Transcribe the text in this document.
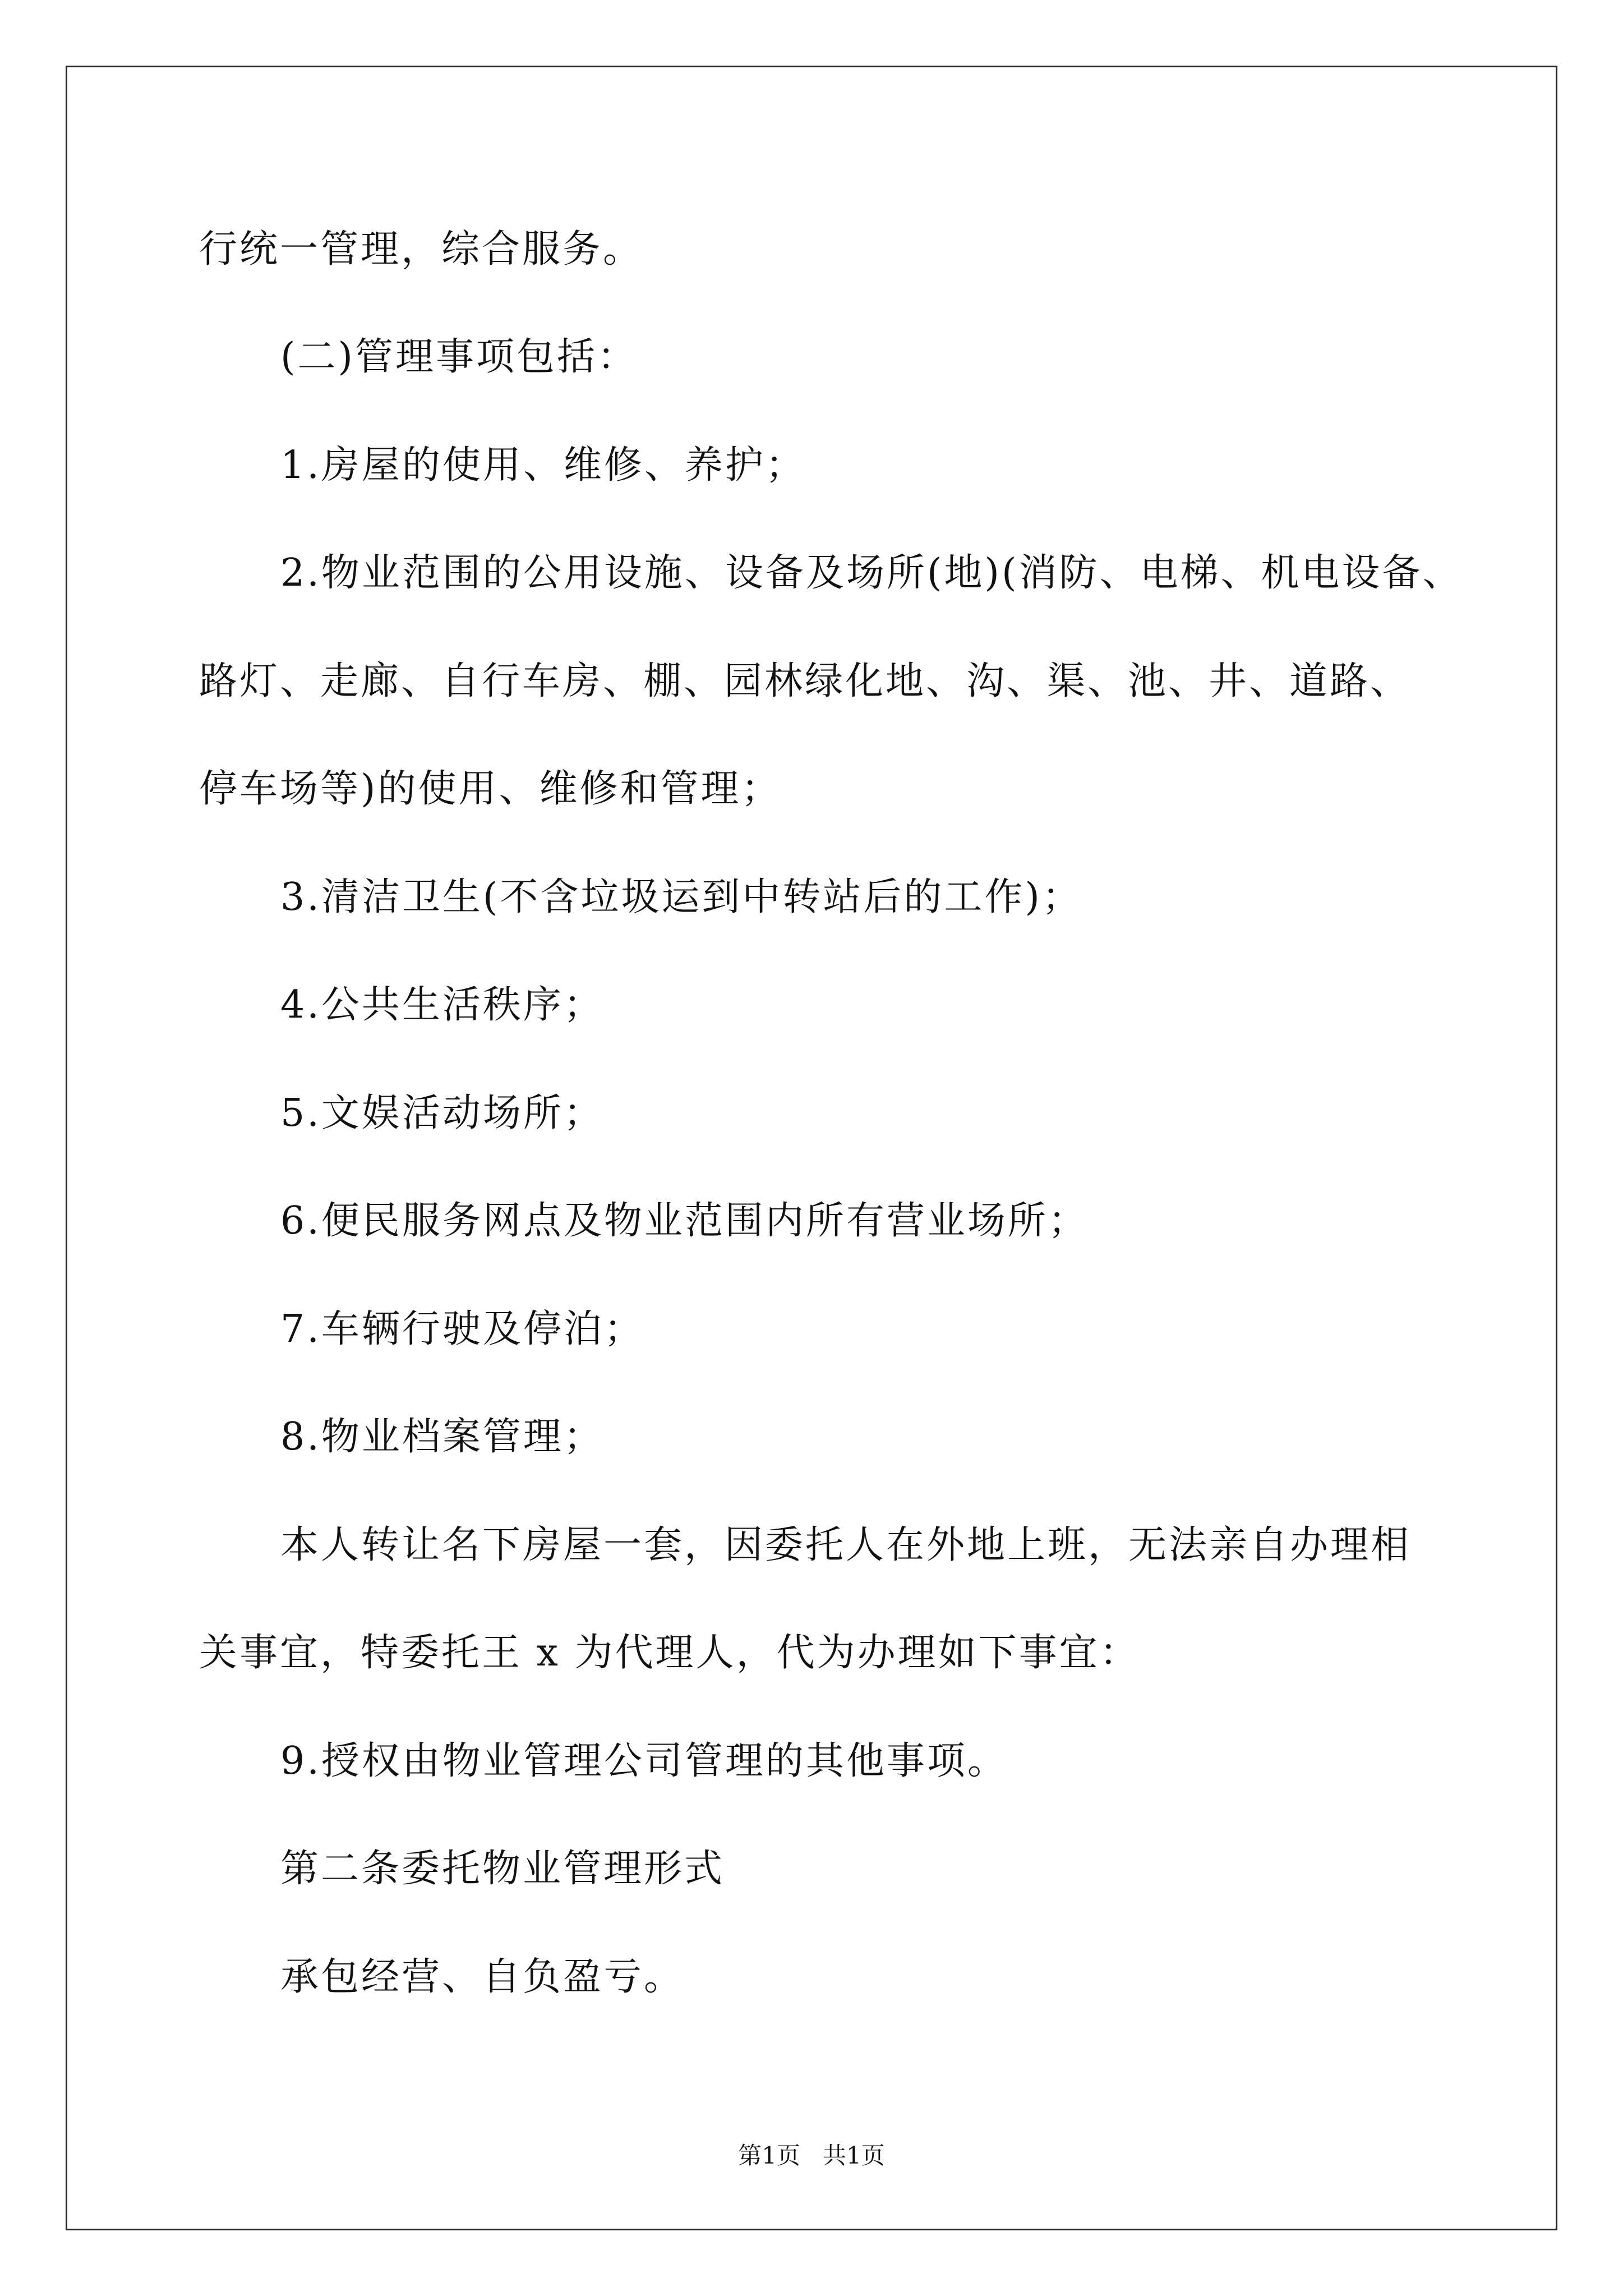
行统一管理，综合服务。
(二)管理事项包括：
1.房屋的使用、维修、养护；
2.物业范围的公用设施、设备及场所(地)(消防、电梯、机电设备、
路灯、走廊、自行车房、棚、园林绿化地、沟、渠、池、井、道路、
停车场等)的使用、维修和管理；
3.清洁卫生(不含垃圾运到中转站后的工作)；
4.公共生活秩序；
5.文娱活动场所；
6.便民服务网点及物业范围内所有营业场所；
7.车辆行驶及停泊；
8.物业档案管理；
本人转让名下房屋一套，因委托人在外地上班，无法亲自办理相
关事宜，特委托王 x 为代理人，代为办理如下事宜：
9.授权由物业管理公司管理的其他事项。
第二条委托物业管理形式
承包经营、自负盈亏。
第1页   共1页
